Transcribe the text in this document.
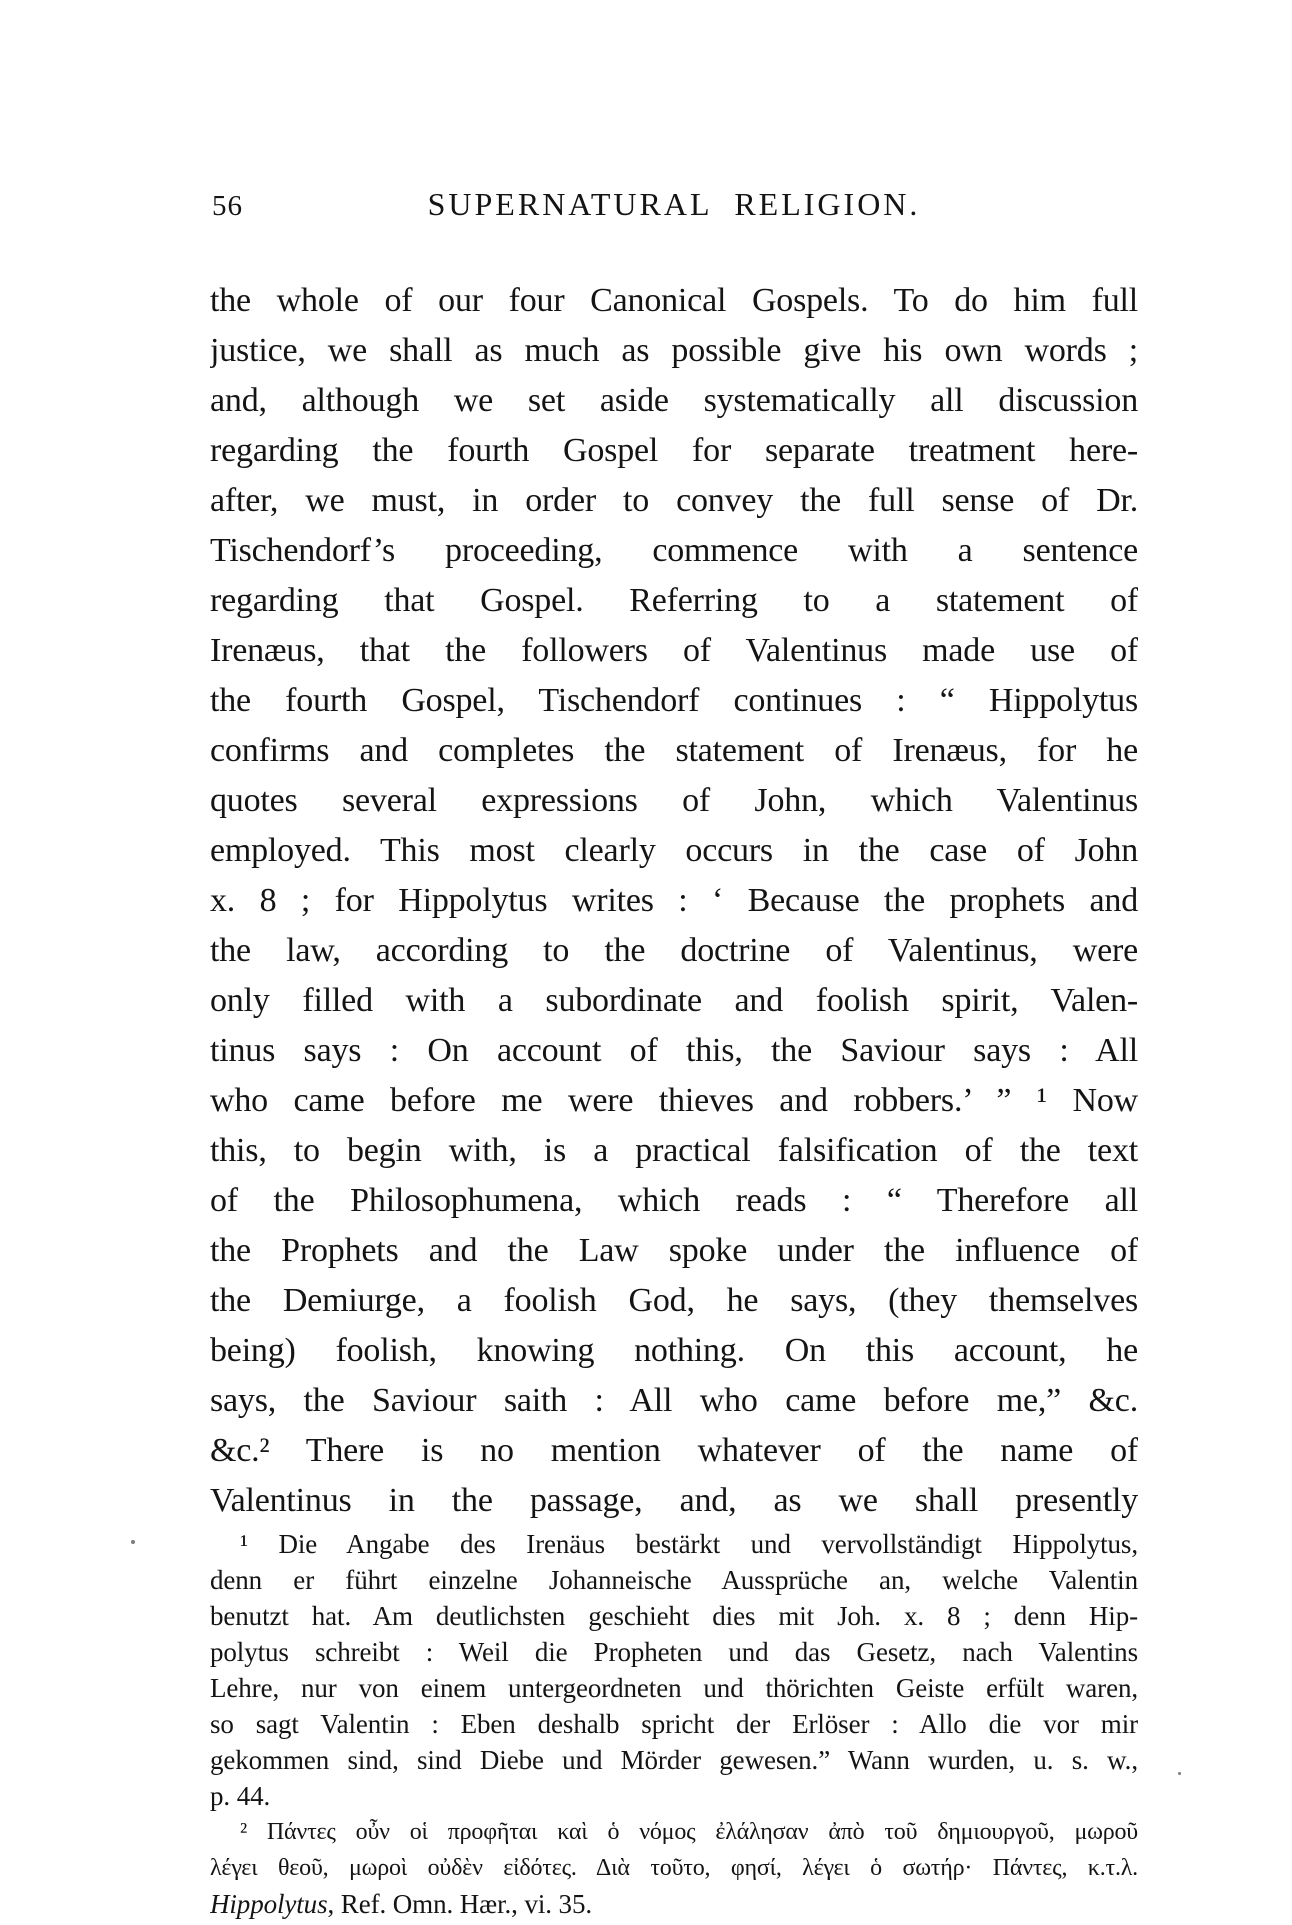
56	SUPERNATURAL RELIGION.
the whole of our four Canonical Gospels. To do him full
justice, we shall as much as possible give his own words ;
and, although we set aside systematically all discussion
regarding the fourth Gospel for separate treatment here-
after, we must, in order to convey the full sense of Dr.
Tischendorf’s proceeding, commence with a sentence
regarding that Gospel. Referring to a statement of
Irenæus, that the followers of Valentinus made use of
the fourth Gospel, Tischendorf continues : “ Hippolytus
confirms and completes the statement of Irenæus, for he
quotes several expressions of John, which Valentinus
employed. This most clearly occurs in the case of John
x. 8 ; for Hippolytus writes : ‘ Because the prophets and
the law, according to the doctrine of Valentinus, were
only filled with a subordinate and foolish spirit, Valen-
tinus says : On account of this, the Saviour says : All
who came before me were thieves and robbers.’ ” ¹ Now
this, to begin with, is a practical falsification of the text
of the Philosophumena, which reads : “ Therefore all
the Prophets and the Law spoke under the influence of
the Demiurge, a foolish God, he says, (they themselves
being) foolish, knowing nothing. On this account, he
says, the Saviour saith : All who came before me,” &c.
&c.² There is no mention whatever of the name of
Valentinus in the passage, and, as we shall presently
¹ Die Angabe des Irenäus bestärkt und vervollständigt Hippolytus,
denn er führt einzelne Johanneische Aussprüche an, welche Valentin
benutzt hat. Am deutlichsten geschieht dies mit Joh. x. 8 ; denn Hip-
polytus schreibt : Weil die Propheten und das Gesetz, nach Valentins
Lehre, nur von einem untergeordneten und thörichten Geiste erfült waren,
so sagt Valentin : Eben deshalb spricht der Erlöser : Allo die vor mir
gekommen sind, sind Diebe und Mörder gewesen.” Wann wurden, u. s. w.,
p. 44.
² Πάντες οὖν οἱ προφῆται καὶ ὁ νόμος ἐλάλησαν ἀπὸ τοῦ δημιουργοῦ, μωροῦ
λέγει θεοῦ, μωροὶ οὐδὲν εἰδότες. Διὰ τοῦτο, φησί, λέγει ὁ σωτήρ· Πάντες, κ.τ.λ.
Hippolytus, Ref. Omn. Hær., vi. 35.
